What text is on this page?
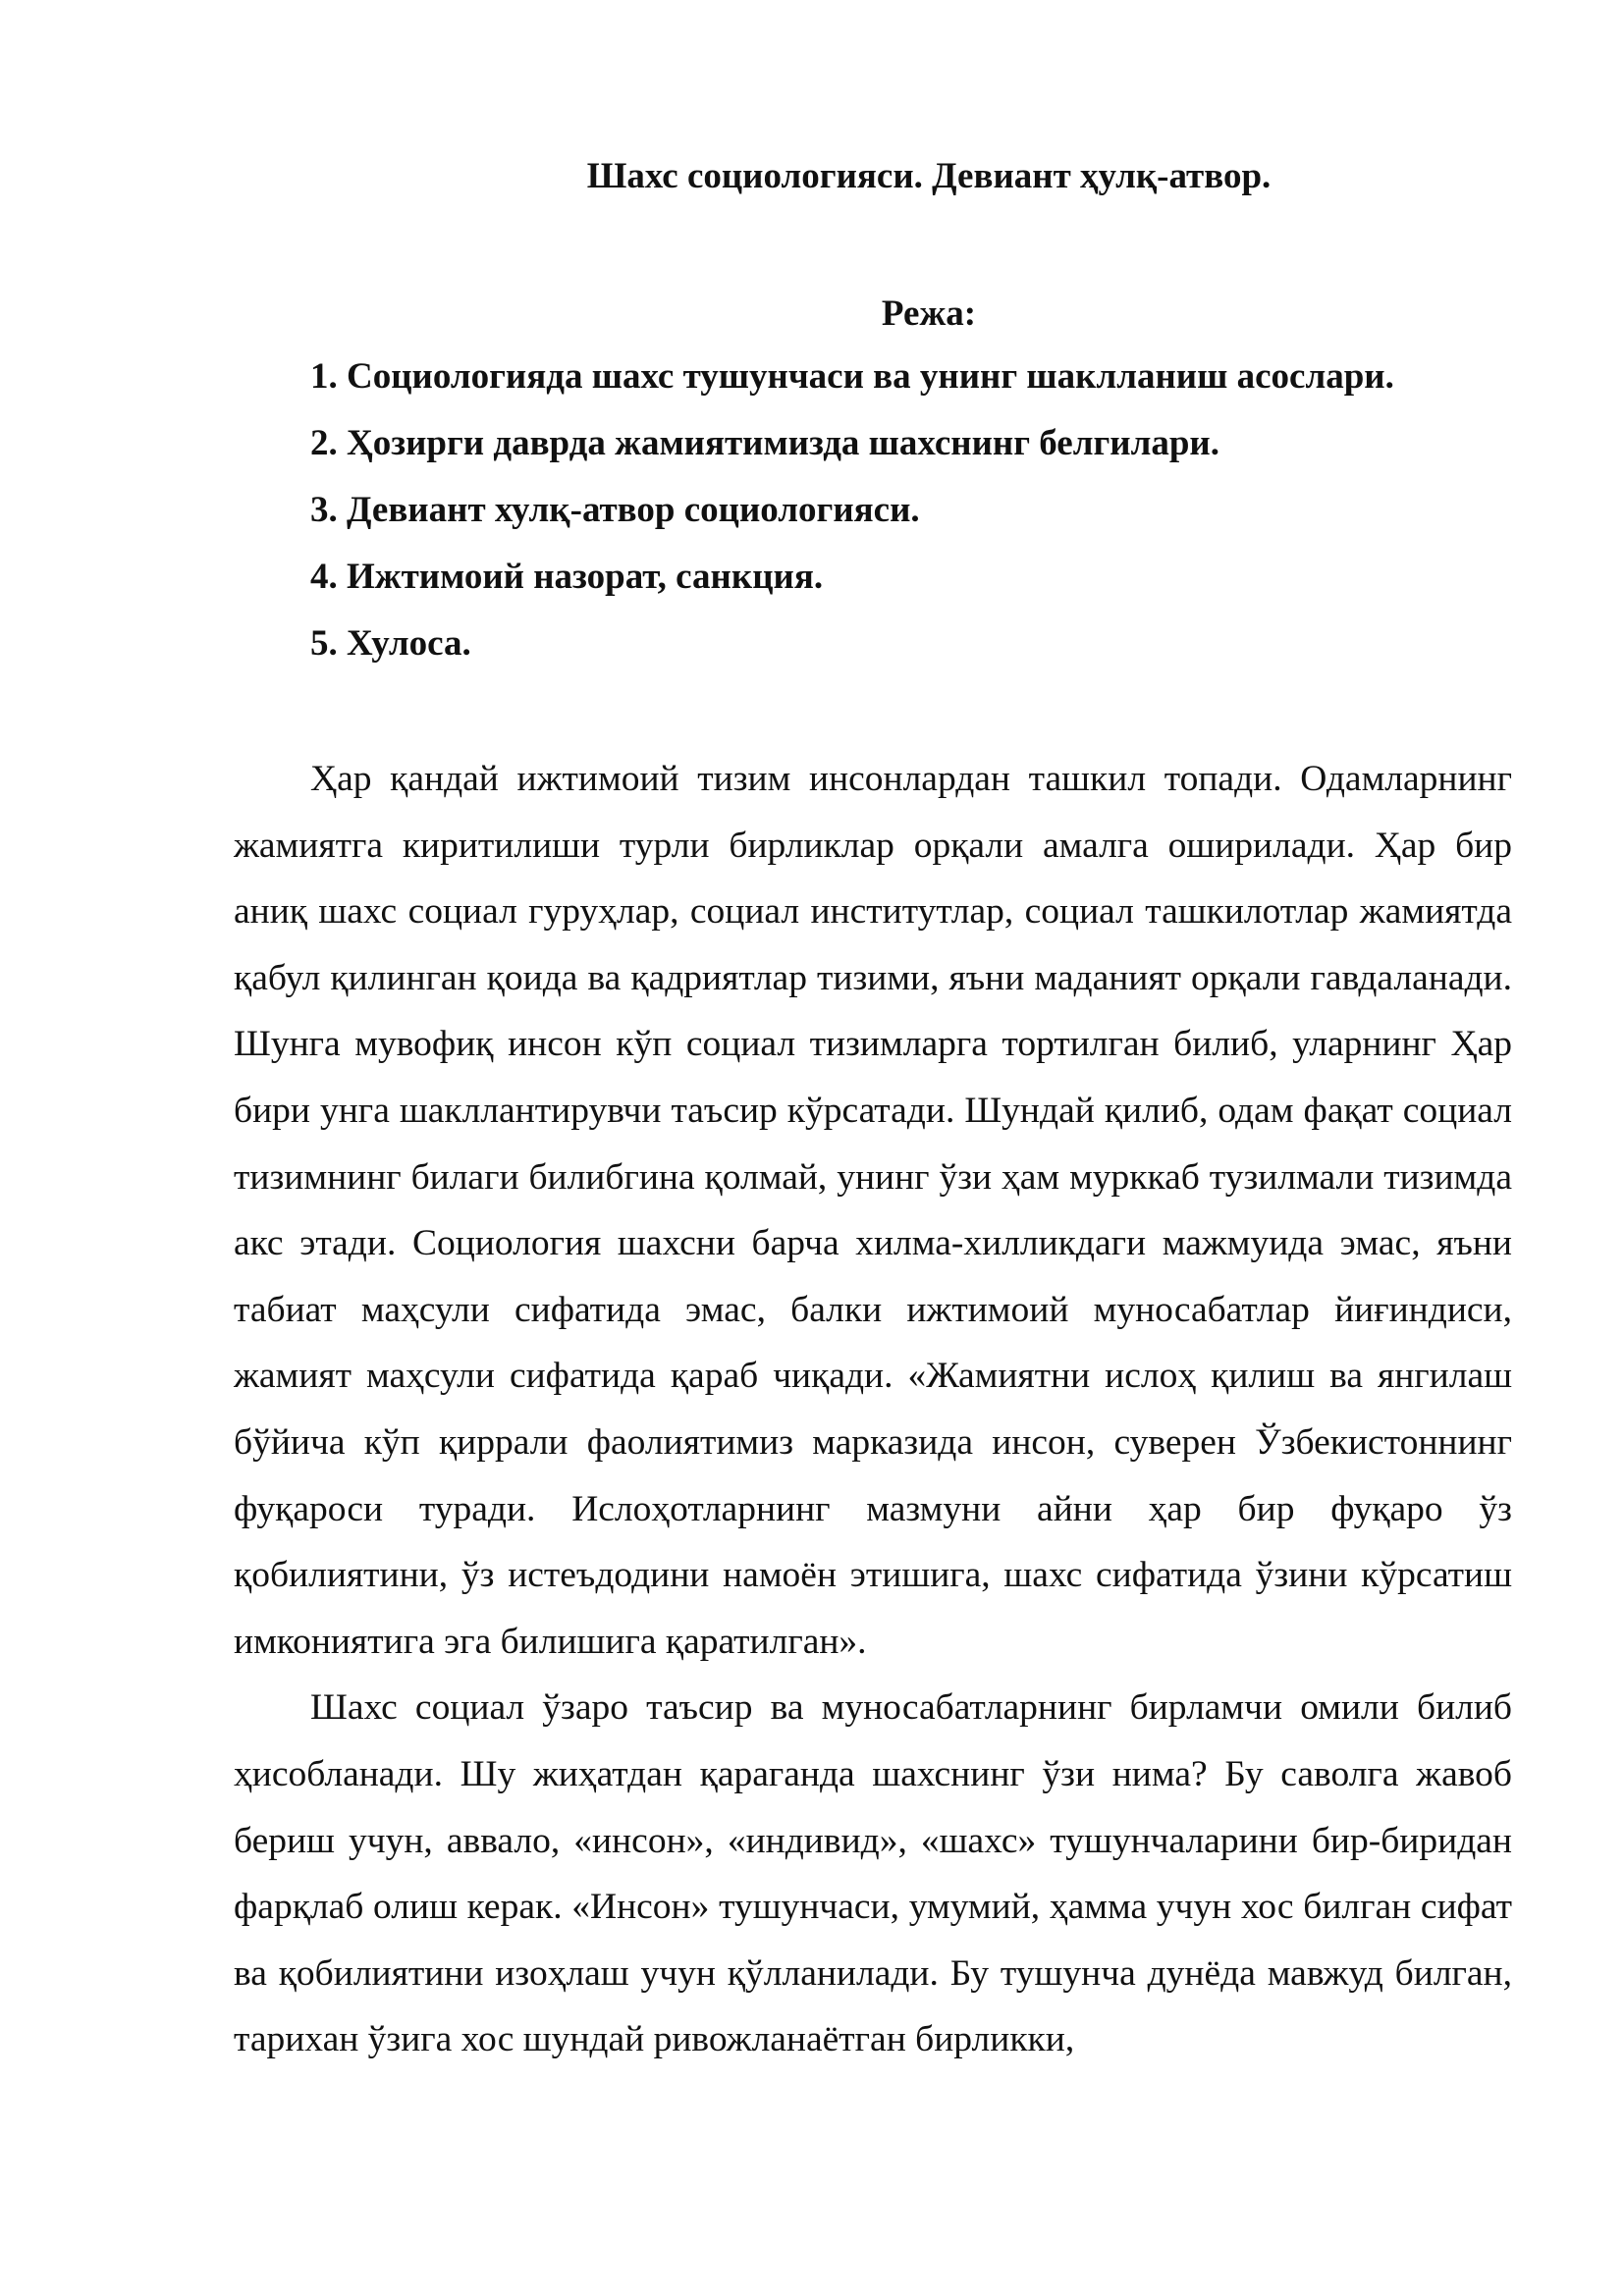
Шахс социологияси. Девиант ҳулқ-атвор.
Режа:
1. Социологияда шахс тушунчаси ва унинг шаклланиш асослари.
2. Ҳозирги даврда жамиятимизда шахснинг белгилари.
3. Девиант хулқ-атвор социологияси.
4. Ижтимоий назорат, санкция.
5. Хулоса.

Ҳар қандай ижтимоий тизим инсонлардан ташкил топади. Одамларнинг жамиятга киритилиши турли бирликлар орқали амалга оширилади. Ҳар бир аниқ шахс социал гуруҳлар, социал институтлар, социал ташкилотлар жамиятда қабул қилинган қоида ва қадриятлар тизими, яъни маданият орқали гавдаланади. Шунга мувофиқ инсон кўп социал тизимларга тортилган билиб, уларнинг Ҳар бири унга шакллантирувчи таъсир кўрсатади. Шундай қилиб, одам фақат социал тизимнинг билаги билибгина қолмай, унинг ўзи ҳам мурккаб тузилмали тизимда акс этади. Социология шахсни барча хилма-хилликдаги мажмуида эмас, яъни табиат маҳсули сифатида эмас, балки ижтимоий муносабатлар йиғиндиси, жамият маҳсули сифатида қараб чиқади. «Жамиятни ислоҳ қилиш ва янгилаш бўйича кўп қиррали фаолиятимиз марказида инсон, суверен Ўзбекистоннинг фуқароси туради. Ислоҳотларнинг мазмуни айни ҳар бир фуқаро ўз қобилиятини, ўз истеъдодини намоён этишига, шахс сифатида ўзини кўрсатиш имкониятига эга билишига қаратилган».

Шахс социал ўзаро таъсир ва муносабатларнинг бирламчи омили билиб ҳисобланади. Шу жиҳатдан қараганда шахснинг ўзи нима? Бу саволга жавоб бериш учун, аввало, «инсон», «индивид», «шахс» тушунчаларини бир-биридан фарқлаб олиш керак. «Инсон» тушунчаси, умумий, ҳамма учун хос билган сифат ва қобилиятини изоҳлаш учун қўлланилади. Бу тушунча дунёда мавжуд билган, тарихан ўзига хос шундай ривожланаётган бирликки,
